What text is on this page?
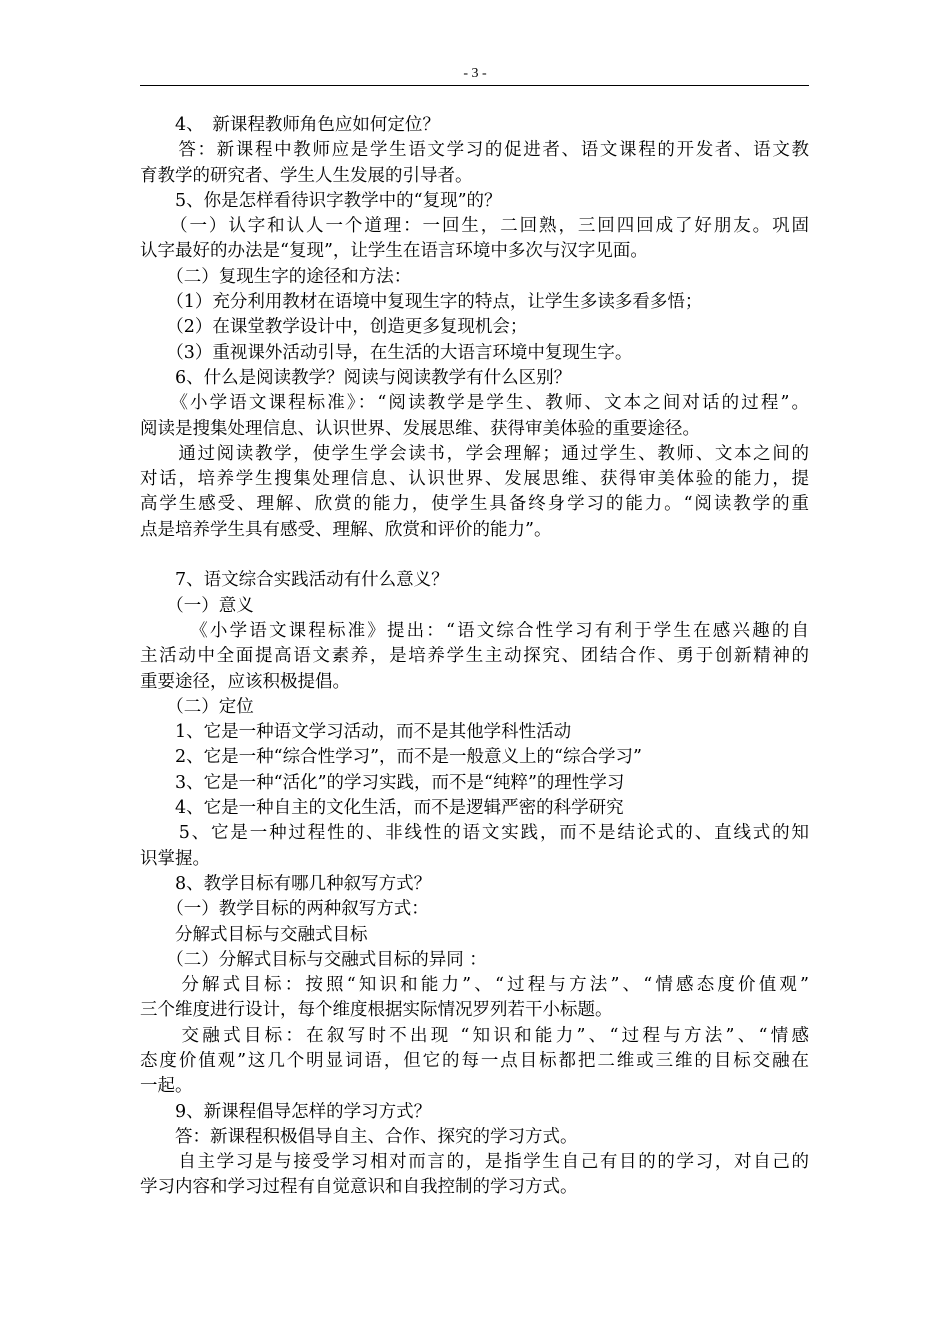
- 3 -
　　4、　新课程教师角色应如何定位？
　　答：新课程中教师应是学生语文学习的促进者、语文课程的开发者、语文教
育教学的研究者、学生人生发展的引导者。
　　5、你是怎样看待识字教学中的“复现”的？
　　（一）认字和认人一个道理：一回生，二回熟，三回四回成了好朋友。巩固
认字最好的办法是“复现”，让学生在语言环境中多次与汉字见面。
　　（二）复现生字的途径和方法：
　　（1）充分利用教材在语境中复现生字的特点，让学生多读多看多悟；
　　（2）在课堂教学设计中，创造更多复现机会；
　　（3）重视课外活动引导，在生活的大语言环境中复现生字。
　　6、什么是阅读教学？阅读与阅读教学有什么区别？
　　《小学语文课程标准》：“阅读教学是学生、教师、文本之间对话的过程”。
阅读是搜集处理信息、认识世界、发展思维、获得审美体验的重要途径。
　　通过阅读教学，使学生学会读书，学会理解；通过学生、教师、文本之间的
对话，培养学生搜集处理信息、认识世界、发展思维、获得审美体验的能力，提
高学生感受、理解、欣赏的能力，使学生具备终身学习的能力。“阅读教学的重
点是培养学生具有感受、理解、欣赏和评价的能力”。
　　7、语文综合实践活动有什么意义？
　　（一）意义
　　　《小学语文课程标准》提出：“语文综合性学习有利于学生在感兴趣的自
主活动中全面提高语文素养，是培养学生主动探究、团结合作、勇于创新精神的
重要途径，应该积极提倡。
　　（二）定位
　　1、它是一种语文学习活动，而不是其他学科性活动
　　2、它是一种“综合性学习”，而不是一般意义上的“综合学习”
　　3、它是一种“活化”的学习实践，而不是“纯粹”的理性学习
　　4、它是一种自主的文化生活，而不是逻辑严密的科学研究
　　5、它是一种过程性的、非线性的语文实践，而不是结论式的、直线式的知
识掌握。
　　8、教学目标有哪几种叙写方式？
　　（一）教学目标的两种叙写方式：
　　分解式目标与交融式目标
　　（二）分解式目标与交融式目标的异同 ：
　　分解式目标：按照“知识和能力”、“过程与方法”、“情感态度价值观”
三个维度进行设计，每个维度根据实际情况罗列若干小标题。
　　交融式目标：在叙写时不出现 “知识和能力”、“过程与方法”、“情感
态度价值观”这几个明显词语，但它的每一点目标都把二维或三维的目标交融在
一起。
　　9、新课程倡导怎样的学习方式？
　　答：新课程积极倡导自主、合作、探究的学习方式。
　　自主学习是与接受学习相对而言的，是指学生自己有目的的学习，对自己的
学习内容和学习过程有自觉意识和自我控制的学习方式。
